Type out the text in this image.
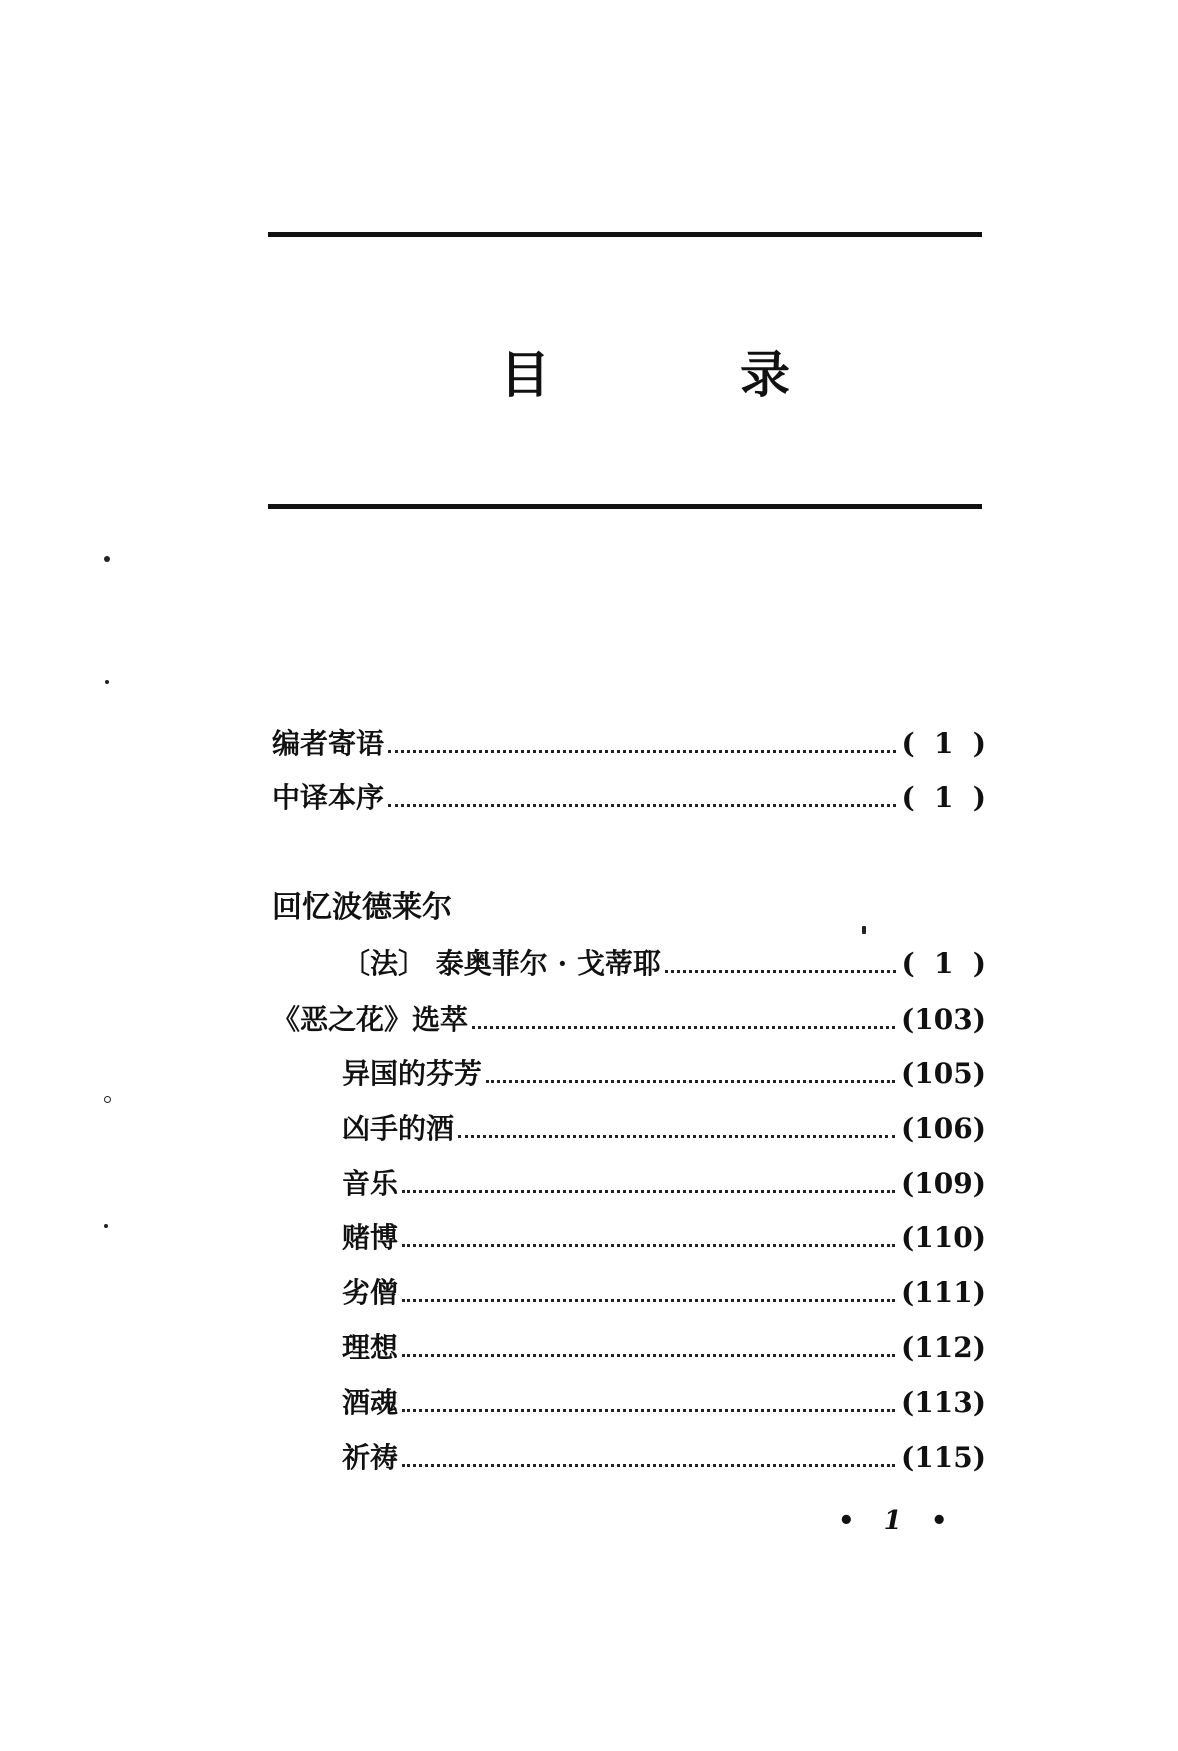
目	录
编者寄语	( 1 )
中译本序	( 1 )
回忆波德莱尔
〔法〕 泰奥菲尔 · 戈蒂耶	( 1 )
《恶之花》选萃	(103)
异国的芬芳	(105)
凶手的酒	(106)
音乐	(109)
赌博	(110)
劣僧	(111)
理想	(112)
酒魂	(113)
祈祷	(115)
• 1 •
